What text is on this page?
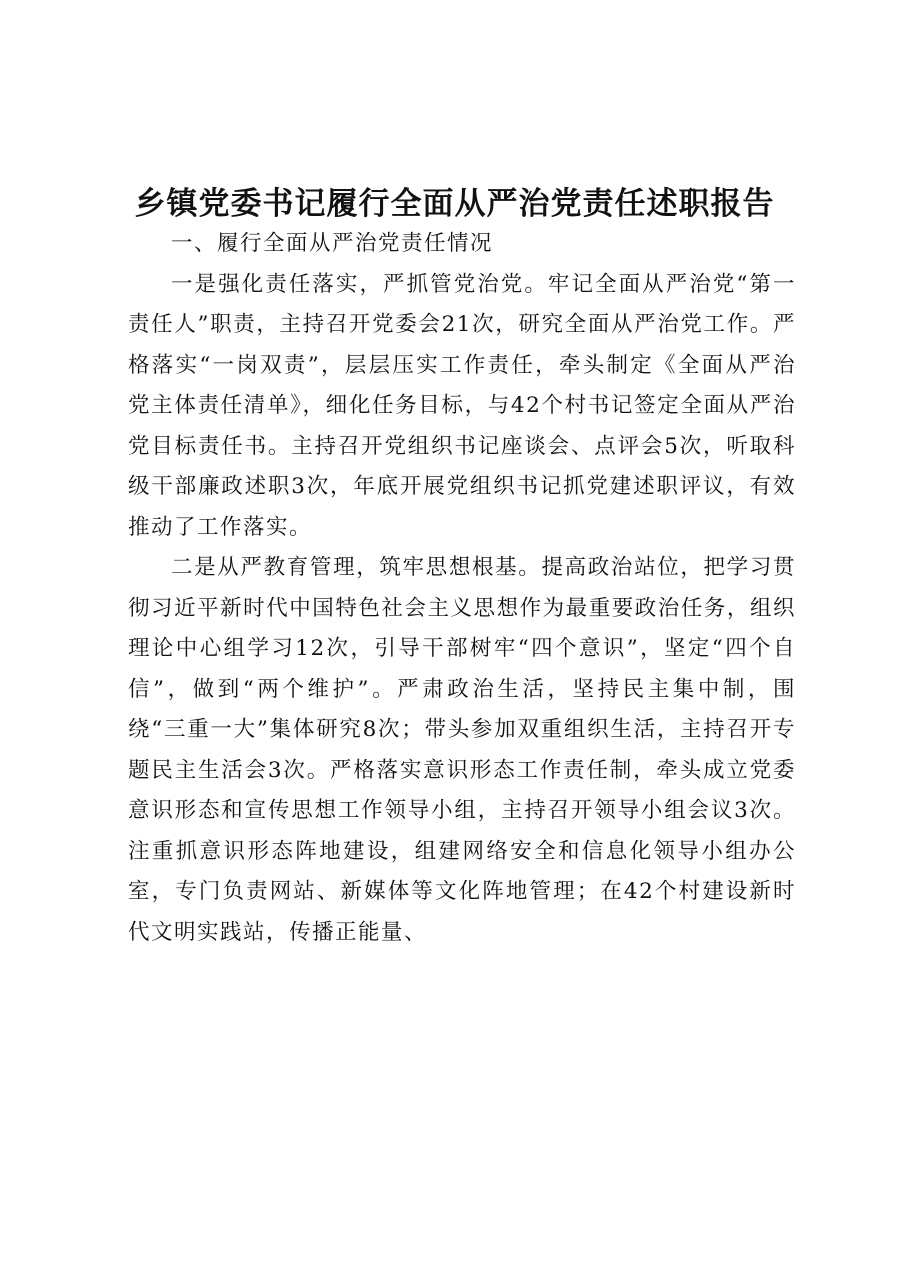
乡镇党委书记履行全面从严治党责任述职报告

一、履行全面从严治党责任情况

一是强化责任落实，严抓管党治党。牢记全面从严治党“第一责任人”职责，主持召开党委会21次，研究全面从严治党工作。严格落实“一岗双责”，层层压实工作责任，牵头制定《全面从严治党主体责任清单》，细化任务目标，与42个村书记签定全面从严治党目标责任书。主持召开党组织书记座谈会、点评会5次，听取科级干部廉政述职3次，年底开展党组织书记抓党建述职评议，有效推动了工作落实。

二是从严教育管理，筑牢思想根基。提高政治站位，把学习贯彻习近平新时代中国特色社会主义思想作为最重要政治任务，组织理论中心组学习12次，引导干部树牢“四个意识”，坚定“四个自信”，做到“两个维护”。严肃政治生活，坚持民主集中制，围绕“三重一大”集体研究8次；带头参加双重组织生活，主持召开专题民主生活会3次。严格落实意识形态工作责任制，牵头成立党委意识形态和宣传思想工作领导小组，主持召开领导小组会议3次。注重抓意识形态阵地建设，组建网络安全和信息化领导小组办公室，专门负责网站、新媒体等文化阵地管理；在42个村建设新时代文明实践站，传播正能量、
